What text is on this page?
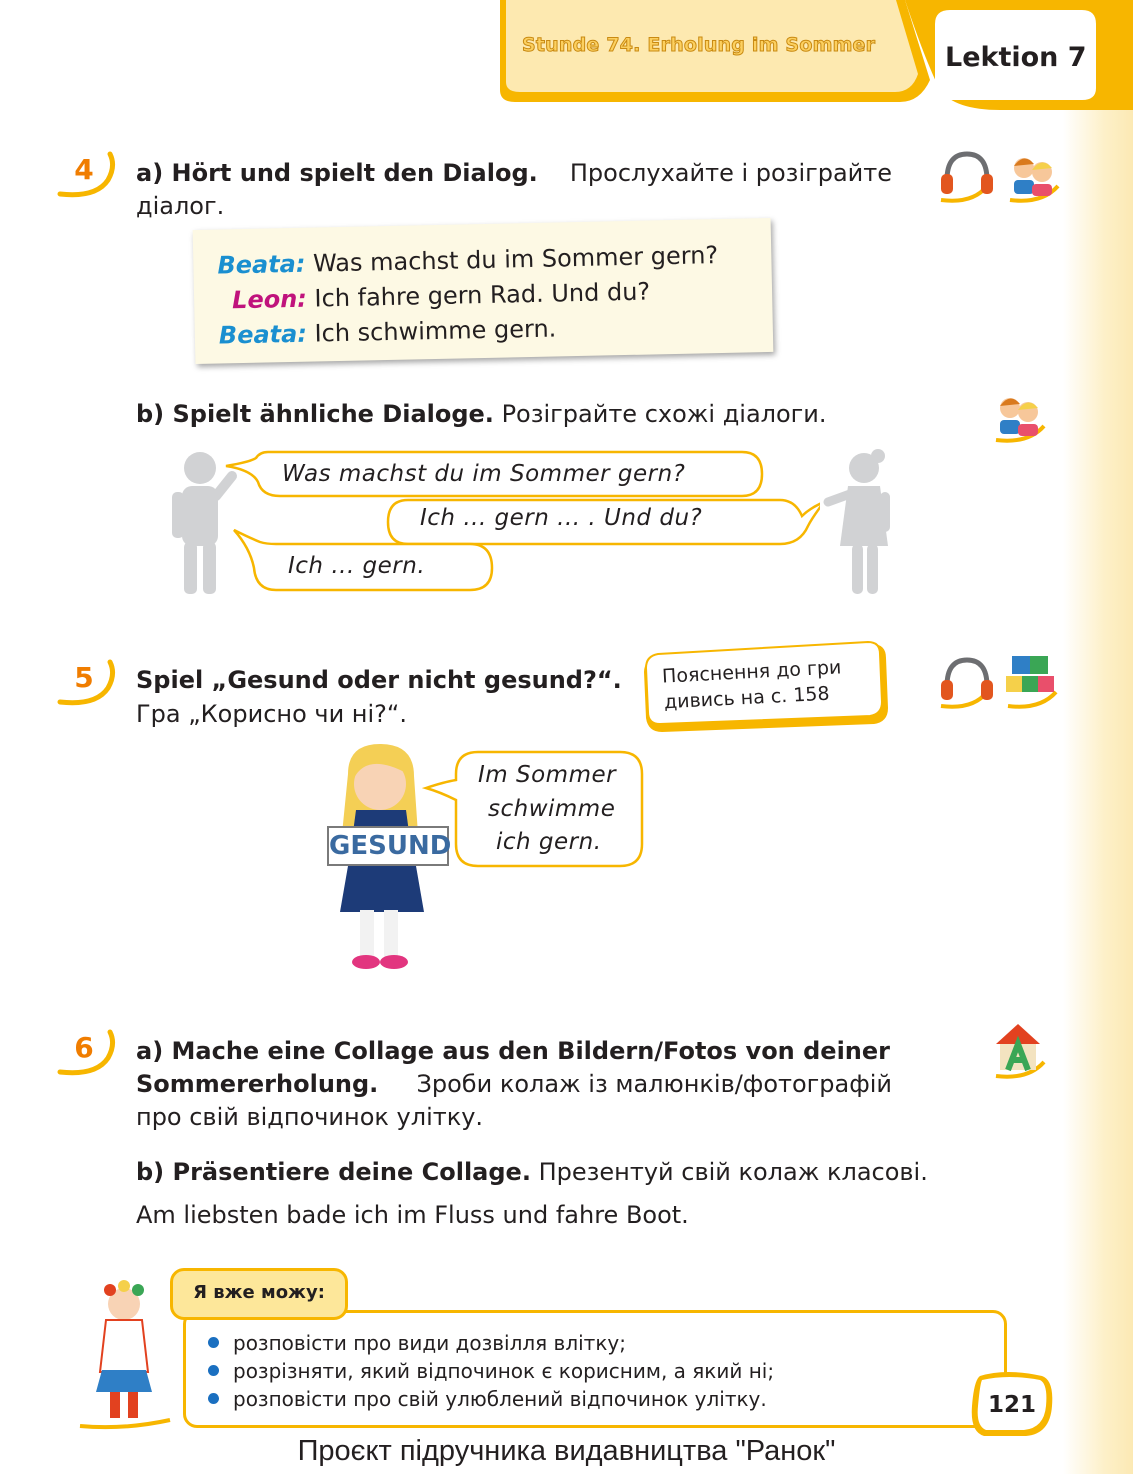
Stunde 74. Erholung im Sommer	Lektion 7
4	a) Hört und spielt den Dialog. Прослухайте і розіграйте
діалог.
Beata: Was machst du im Sommer gern?
Leon: Ich fahre gern Rad. Und du?
Beata: Ich schwimme gern.
b) Spielt ähnliche Dialoge. Розіграйте схожі діалоги.
Was machst du im Sommer gern?
Ich ... gern ... . Und du?
Ich ... gern.
5	Spiel „Gesund oder nicht gesund?“.
Гра „Корисно чи ні?“.
Пояснення до гри
дивись на с. 158
GESUND
Im Sommer
schwimme
ich gern.
6	a) Mache eine Collage aus den Bildern/Fotos von deiner
Sommererholung. Зроби колаж із малюнків/фотографій
про свій відпочинок улітку.
b) Präsentiere deine Collage. Презентуй свій колаж класові.
Am liebsten bade ich im Fluss und fahre Boot.
розповісти про види дозвілля влітку;
розрізняти, який відпочинок є корисним, а який ні;
розповісти про свій улюблений відпочинок улітку.
Я вже можу:
121
Проєкт підручника видавництва "Ранок"
